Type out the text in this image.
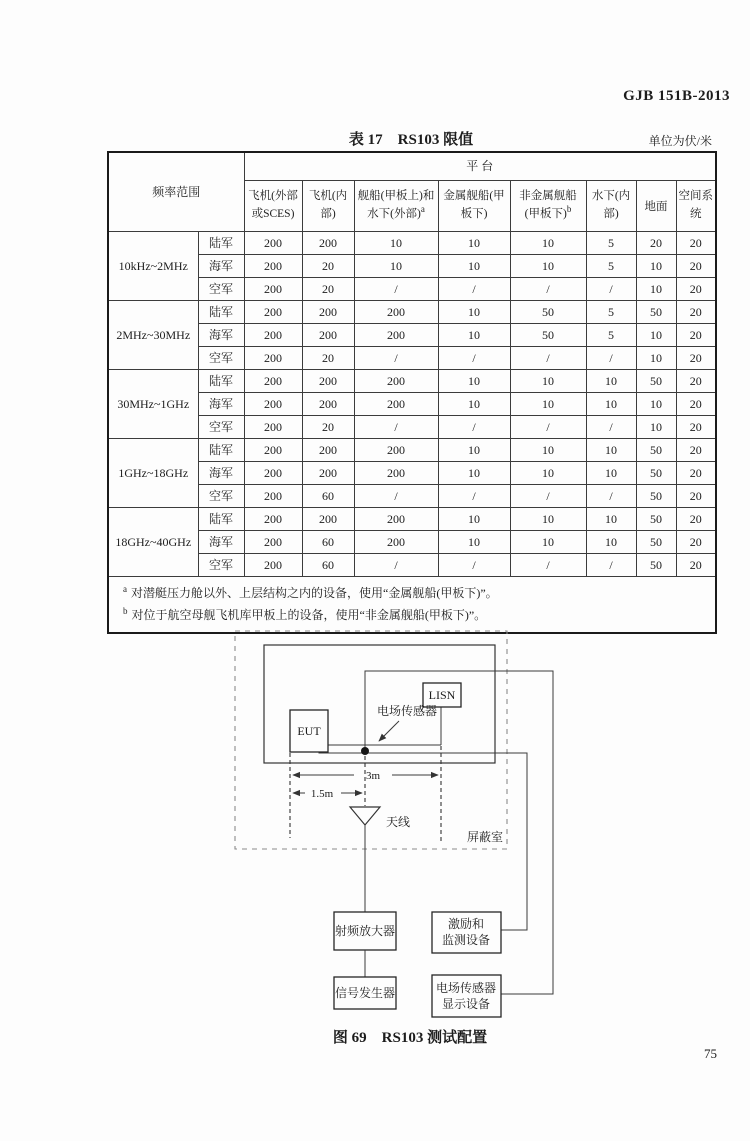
GJB 151B-2013
表 17　RS103 限值	单位为伏/米
频率范围		平 台							
		飞机(外部或SCES)	飞机(内部)	舰船(甲板上)和水下(外部)$^a$	金属舰船(甲板下)	非金属舰船(甲板下)$^b$	水下(内部)	地面	空间系统
10kHz~2MHz	陆军	200	200	10	10	10	5	20	20
	海军	200	20	10	10	10	5	10	20
	空军	200	20	/	/	/	/	10	20
2MHz~30MHz	陆军	200	200	200	10	50	5	50	20
	海军	200	200	200	10	50	5	10	20
	空军	200	20	/	/	/	/	10	20
30MHz~1GHz	陆军	200	200	200	10	10	10	50	20
	海军	200	200	200	10	10	10	10	20
	空军	200	20	/	/	/	/	10	20
1GHz~18GHz	陆军	200	200	200	10	10	10	50	20
	海军	200	200	200	10	10	10	50	20
	空军	200	60	/	/	/	/	50	20
18GHz~40GHz	陆军	200	200	200	10	10	10	50	20
	海军	200	60	200	10	10	10	50	20
	空军	200	60	/	/	/	/	50	20

$^a$ 对潜艇压力舱以外、上层结构之内的设备，使用“金属舰船(甲板下)”。
$^b$ 对位于航空母舰飞机库甲板上的设备，使用“非金属舰船(甲板下)”。									
3m
1.5m
天线
屏蔽室
EUT
LISN
电场传感器
射频放大器
信号发生器
激励和
监测设备
电场传感器
显示设备
图 69　RS103 测试配置
75
